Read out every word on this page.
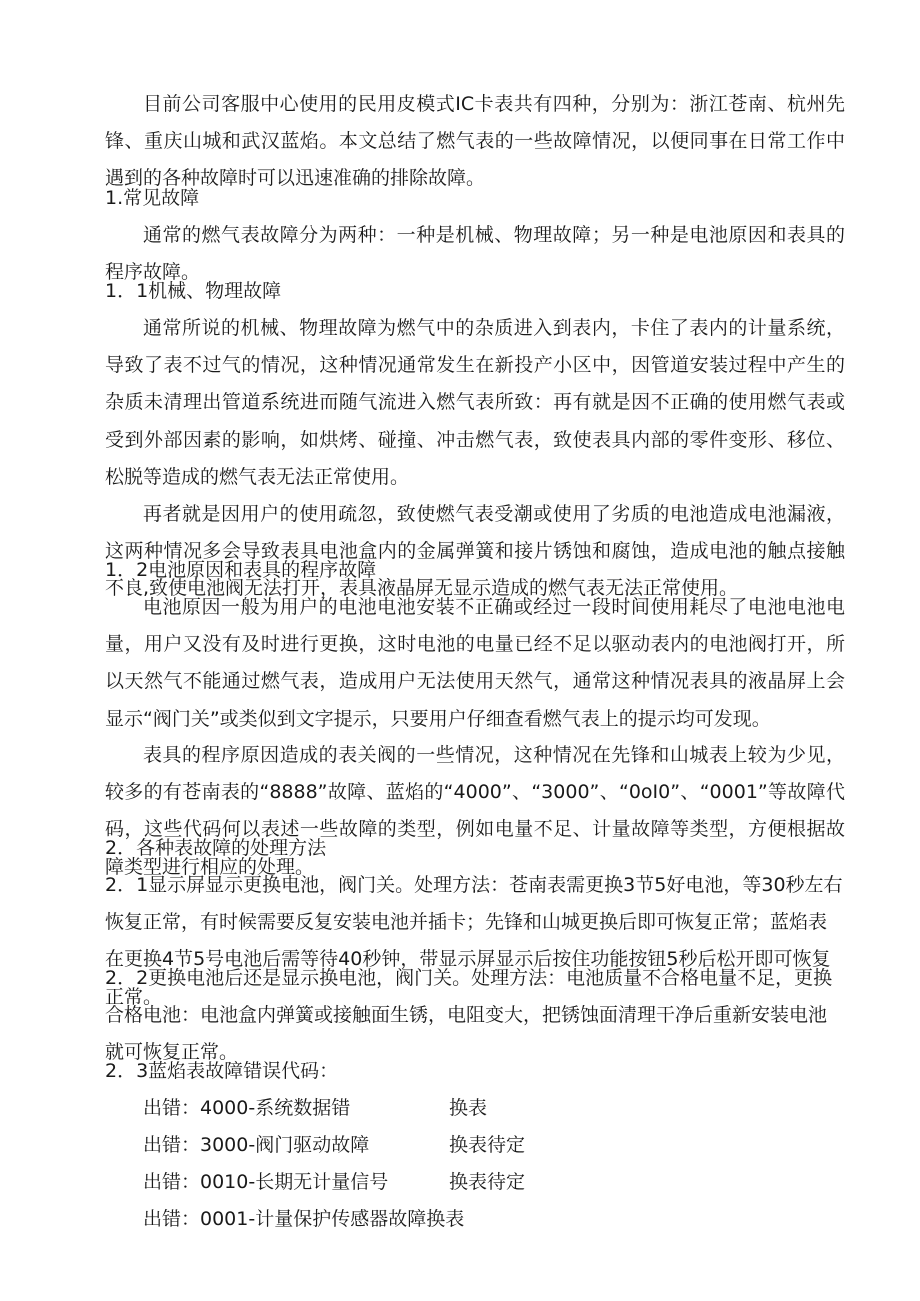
目前公司客服中心使用的民用皮模式IC卡表共有四种，分别为：浙江苍南、杭州先锋、重庆山城和武汉蓝焰。本文总结了燃气表的一些故障情况，以便同事在日常工作中遇到的各种故障时可以迅速准确的排除故障。

1.常见故障

通常的燃气表故障分为两种：一种是机械、物理故障；另一种是电池原因和表具的程序故障。

1．1机械、物理故障

通常所说的机械、物理故障为燃气中的杂质进入到表内，卡住了表内的计量系统，导致了表不过气的情况，这种情况通常发生在新投产小区中，因管道安装过程中产生的杂质未清理出管道系统进而随气流进入燃气表所致：再有就是因不正确的使用燃气表或受到外部因素的影响，如烘烤、碰撞、冲击燃气表，致使表具内部的零件变形、移位、松脱等造成的燃气表无法正常使用。

再者就是因用户的使用疏忽，致使燃气表受潮或使用了劣质的电池造成电池漏液，这两种情况多会导致表具电池盒内的金属弹簧和接片锈蚀和腐蚀，造成电池的触点接触不良,致使电池阀无法打开，表具液晶屏无显示造成的燃气表无法正常使用。

1．2电池原因和表具的程序故障

电池原因一般为用户的电池电池安装不正确或经过一段时间使用耗尽了电池电池电量，用户又没有及时进行更换，这时电池的电量已经不足以驱动表内的电池阀打开，所以天然气不能通过燃气表，造成用户无法使用天然气，通常这种情况表具的液晶屏上会显示“阀门关”或类似到文字提示，只要用户仔细查看燃气表上的提示均可发现。

表具的程序原因造成的表关阀的一些情况，这种情况在先锋和山城表上较为少见，较多的有苍南表的“8888”故障、蓝焰的“4000”、“3000”、“0oI0”、“0001”等故障代码，这些代码何以表述一些故障的类型，例如电量不足、计量故障等类型，方便根据故障类型进行相应的处理。

2．各种表故障的处理方法

2．1显示屏显示更换电池，阀门关。处理方法：苍南表需更换3节5好电池，等30秒左右恢复正常，有时候需要反复安装电池并插卡；先锋和山城更换后即可恢复正常；蓝焰表在更换4节5号电池后需等待40秒钟，带显示屏显示后按住功能按钮5秒后松开即可恢复正常。

2．2更换电池后还是显示换电池，阀门关。处理方法：电池质量不合格电量不足，更换合格电池：电池盒内弹簧或接触面生锈，电阻变大，把锈蚀面清理干净后重新安装电池就可恢复正常。

2．3蓝焰表故障错误代码：

出错：4000-系统数据错	换表
出错：3000-阀门驱动故障	换表待定
出错：0010-长期无计量信号	换表待定
出错：0001-计量保护传感器故障换表
